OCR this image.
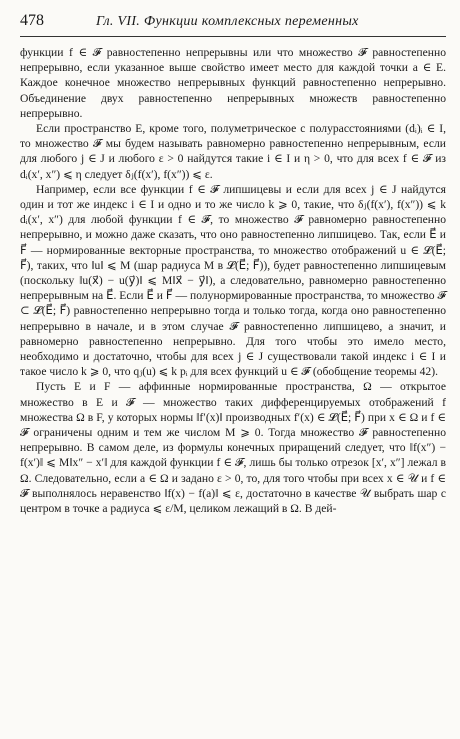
478	Гл. VII. Функции комплексных переменных

функции f ∈ 𝓕 равностепенно непрерывны или что множество 𝓕 равностепенно непрерывно, если указанное выше свойство имеет место для каждой точки a ∈ E. Каждое конечное множество непрерывных функций равностепенно непрерывно. Объединение двух равностепенно непрерывных множеств равностепенно непрерывно.

Если пространство E, кроме того, полуметрическое с полурасстояниями (dᵢ)ᵢ ∈ I, то множество 𝓕 мы будем называть равномерно равностепенно непрерывным, если для любого j ∈ J и любого ε > 0 найдутся такие i ∈ I и η > 0, что для всех f ∈ 𝓕 из dᵢ(x′, x″) ⩽ η следует δⱼ(f(x′), f(x″)) ⩽ ε.

Например, если все функции f ∈ 𝓕 липшицевы и если для всех j ∈ J найдутся один и тот же индекс i ∈ I и одно и то же число k ⩾ 0, такие, что δⱼ(f(x′), f(x″)) ⩽ k dᵢ(x′, x″) для любой функции f ∈ 𝓕, то множество 𝓕 равномерно равностепенно непрерывно, и можно даже сказать, что оно равностепенно липшицево. Так, если E⃗ и F⃗ — нормированные векторные пространства, то множество отображений u ∈ 𝓛(E⃗; F⃗), таких, что ‖u‖ ⩽ M (шар радиуса M в 𝓛(E⃗; F⃗)), будет равностепенно липшицевым (поскольку ‖u(x⃗) − u(y⃗)‖ ⩽ M‖x⃗ − y⃗‖), а следовательно, равномерно равностепенно непрерывным на E⃗. Если E⃗ и F⃗ — полунормированные пространства, то множество 𝓕 ⊂ 𝓛(E⃗; F⃗) равностепенно непрерывно тогда и только тогда, когда оно равностепенно непрерывно в начале, и в этом случае 𝓕 равностепенно липшицево, а значит, и равномерно равностепенно непрерывно. Для того чтобы это имело место, необходимо и достаточно, чтобы для всех j ∈ J существовали такой индекс i ∈ I и такое число k ⩾ 0, что qⱼ(u) ⩽ k pᵢ для всех функций u ∈ 𝓕 (обобщение теоремы 42).

Пусть E и F — аффинные нормированные пространства, Ω — открытое множество в E и 𝓕 — множество таких дифференцируемых отображений f множества Ω в F, у которых нормы ‖f′(x)‖ производных f′(x) ∈ 𝓛(E⃗; F⃗) при x ∈ Ω и f ∈ 𝓕 ограничены одним и тем же числом M ⩾ 0. Тогда множество 𝓕 равностепенно непрерывно. В самом деле, из формулы конечных приращений следует, что ‖f(x″) − f(x′)‖ ⩽ M‖x″ − x′‖ для каждой функции f ∈ 𝓕, лишь бы только отрезок [x′, x″] лежал в Ω. Следовательно, если a ∈ Ω и задано ε > 0, то, для того чтобы при всех x ∈ 𝒰 и f ∈ 𝓕 выполнялось неравенство ‖f(x) − f(a)‖ ⩽ ε, достаточно в качестве 𝒰 выбрать шар с центром в точке a радиуса ⩽ ε/M, целиком лежащий в Ω. В дей-
